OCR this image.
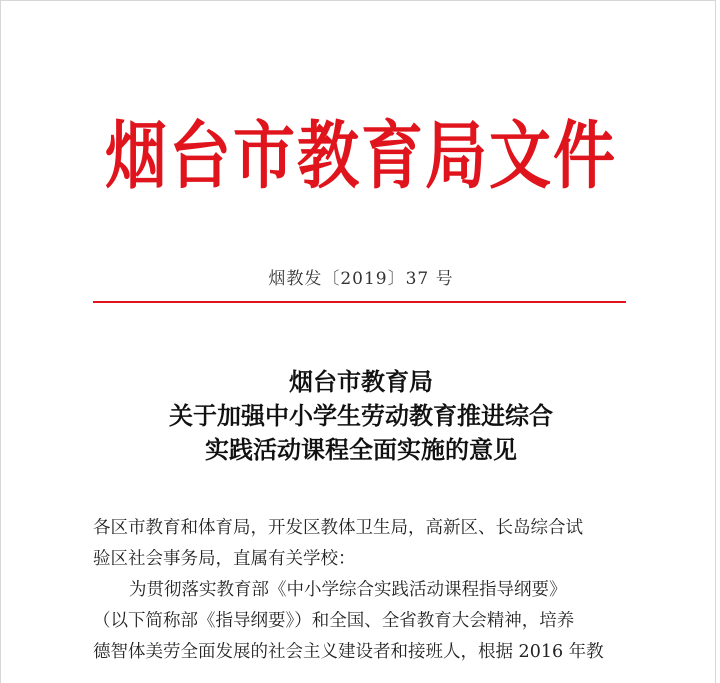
烟台市教育局文件
烟教发〔2019〕37 号
烟台市教育局
关于加强中小学生劳动教育推进综合
实践活动课程全面实施的意见
各区市教育和体育局，开发区教体卫生局，高新区、长岛综合试
验区社会事务局，直属有关学校：
为贯彻落实教育部《中小学综合实践活动课程指导纲要》
（以下简称部《指导纲要》）和全国、全省教育大会精神，培养
德智体美劳全面发展的社会主义建设者和接班人，根据 2016 年教
